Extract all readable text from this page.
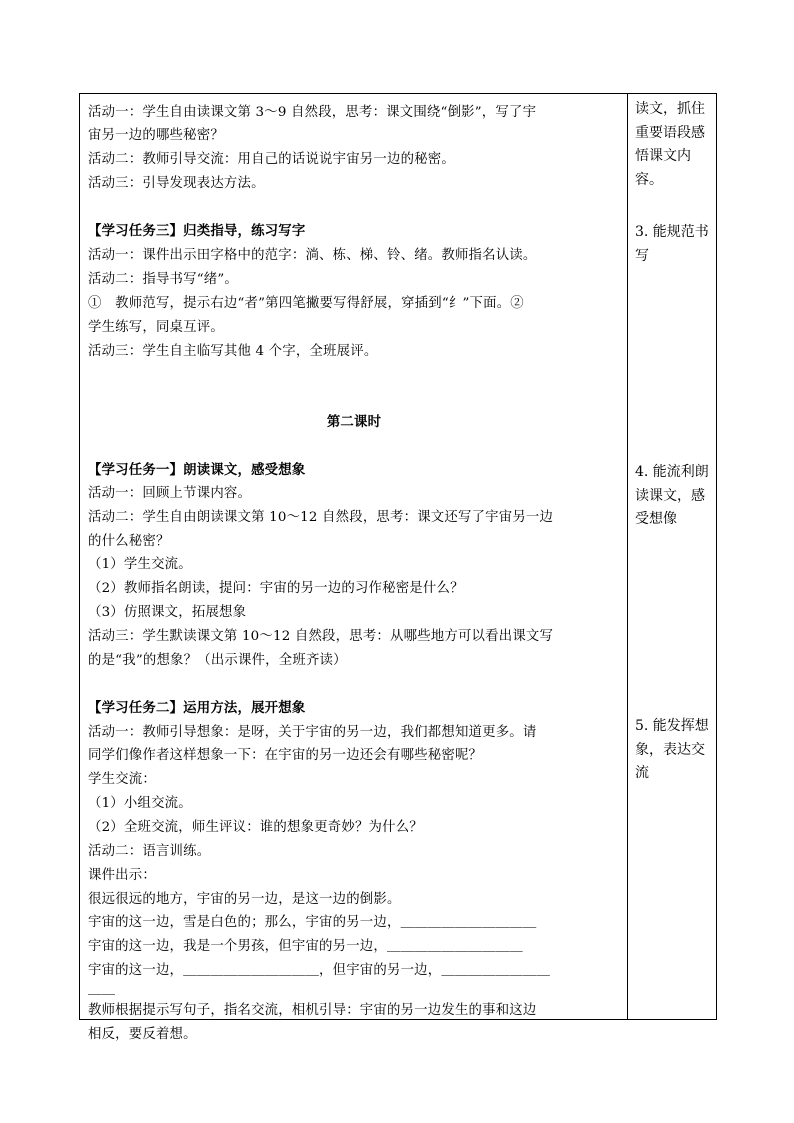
活动一：学生自由读课文第 3～9 自然段，思考：课文围绕“倒影”，写了宇
宙另一边的哪些秘密？
活动二：教师引导交流：用自己的话说说宇宙另一边的秘密。
活动三：引导发现表达方法。
【学习任务三】归类指导，练习写字
活动一：课件出示田字格中的范字：淌、栋、梯、铃、绪。教师指名认读。
活动二：指导书写“绪”。
①　教师范写，提示右边“者”第四笔撇要写得舒展，穿插到“纟”下面。②
学生练写，同桌互评。
活动三：学生自主临写其他 4 个字，全班展评。
第二课时
【学习任务一】朗读课文，感受想象
活动一：回顾上节课内容。
活动二：学生自由朗读课文第 10～12 自然段，思考：课文还写了宇宙另一边
的什么秘密？
（1）学生交流。
（2）教师指名朗读，提问：宇宙的另一边的习作秘密是什么？
（3）仿照课文，拓展想象
活动三：学生默读课文第 10～12 自然段，思考：从哪些地方可以看出课文写
的是“我”的想象？（出示课件，全班齐读）
【学习任务二】运用方法，展开想象
活动一：教师引导想象：是呀，关于宇宙的另一边，我们都想知道更多。请
同学们像作者这样想象一下：在宇宙的另一边还会有哪些秘密呢？
学生交流：
（1）小组交流。
（2）全班交流，师生评议：谁的想象更奇妙？为什么？
活动二：语言训练。
课件出示：
很远很远的地方，宇宙的另一边，是这一边的倒影。
宇宙的这一边，雪是白色的；那么，宇宙的另一边，＿＿＿＿＿＿＿＿＿＿
宇宙的这一边，我是一个男孩，但宇宙的另一边，＿＿＿＿＿＿＿＿＿＿
宇宙的这一边，＿＿＿＿＿＿＿＿＿＿，但宇宙的另一边，＿＿＿＿＿＿＿＿
＿＿
教师根据提示写句子，指名交流，相机引导：宇宙的另一边发生的事和这边
相反，要反着想。
读文，抓住重要语段感悟课文内容。
3. 能规范书写
4. 能流利朗读课文，感受想像
5. 能发挥想象，表达交流
